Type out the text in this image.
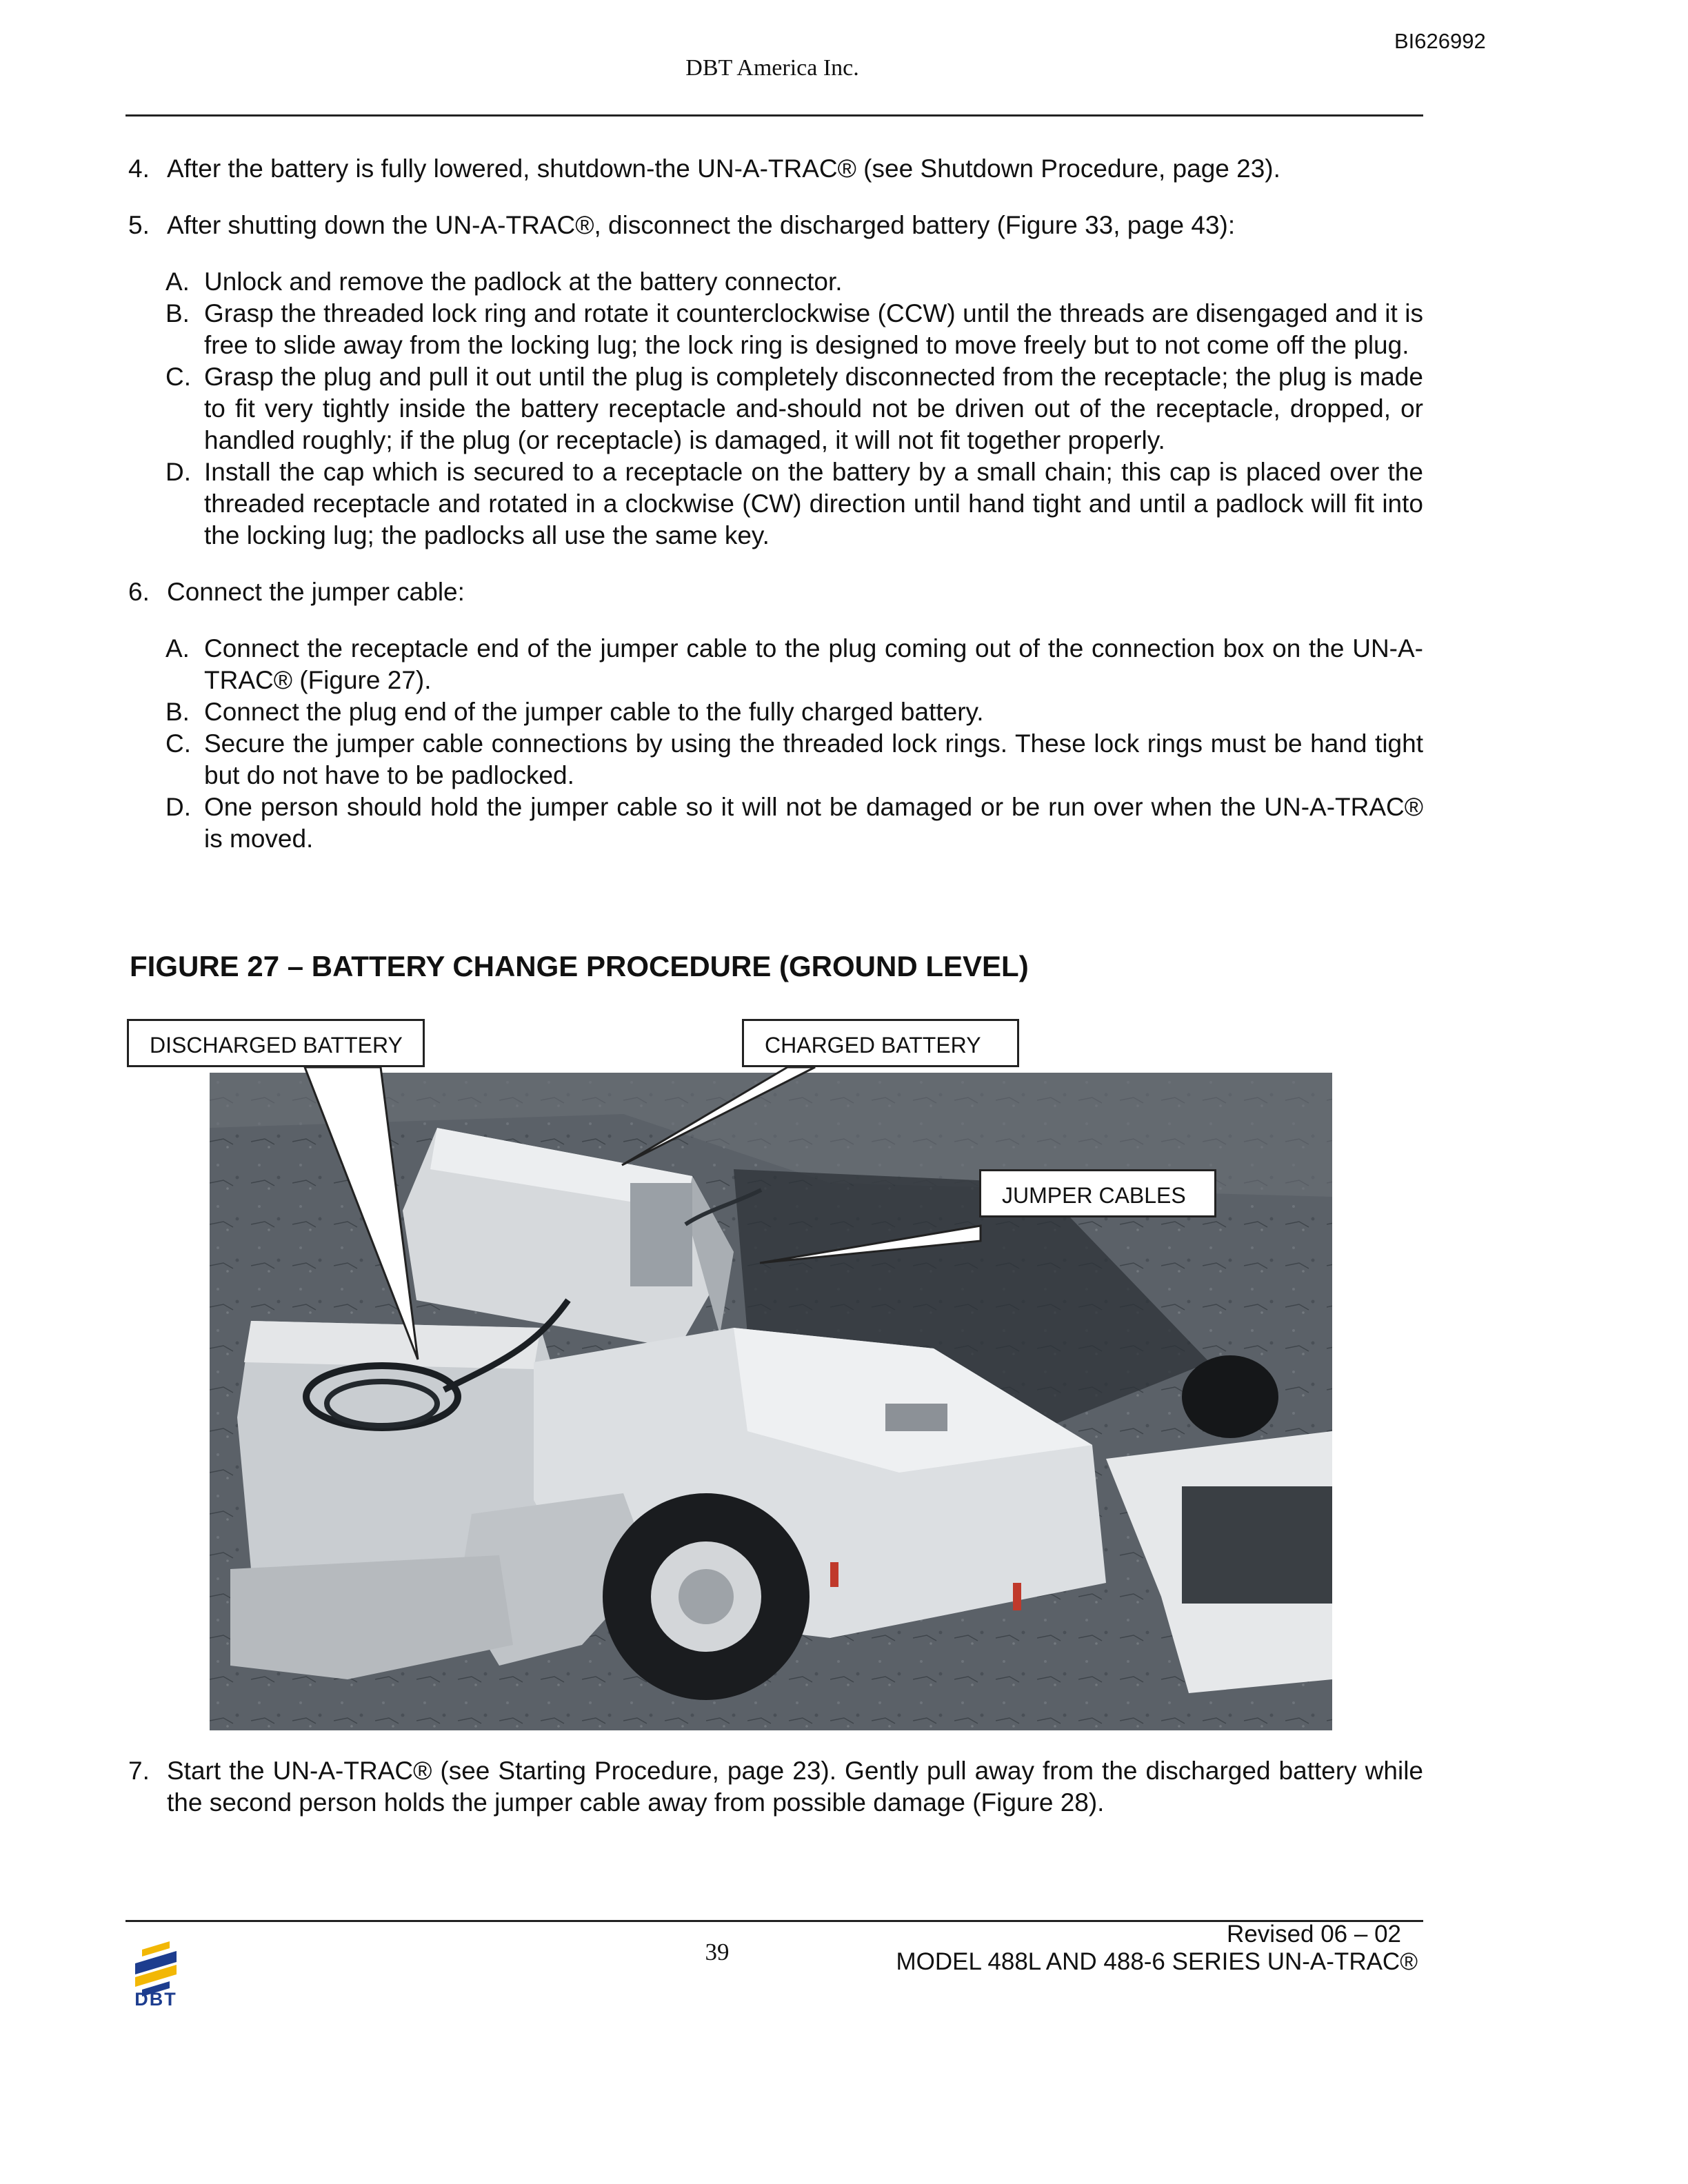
BI626992
DBT America Inc.
4. After the battery is fully lowered, shutdown-the UN-A-TRAC® (see Shutdown Procedure, page 23).
5. After shutting down the UN-A-TRAC®, disconnect the discharged battery (Figure 33, page 43):
A. Unlock and remove the padlock at the battery connector.
B. Grasp the threaded lock ring and rotate it counterclockwise (CCW) until the threads are disengaged and it is free to slide away from the locking lug; the lock ring is designed to move freely but to not come off the plug.
C. Grasp the plug and pull it out until the plug is completely disconnected from the receptacle; the plug is made to fit very tightly inside the battery receptacle and-should not be driven out of the receptacle, dropped, or handled roughly; if the plug (or receptacle) is damaged, it will not fit together properly.
D. Install the cap which is secured to a receptacle on the battery by a small chain; this cap is placed over the threaded receptacle and rotated in a clockwise (CW) direction until hand tight and until a padlock will fit into the locking lug; the padlocks all use the same key.
6. Connect the jumper cable:
A. Connect the receptacle end of the jumper cable to the plug coming out of the connection box on the UN-A-TRAC® (Figure 27).
B. Connect the plug end of the jumper cable to the fully charged battery.
C. Secure the jumper cable connections by using the threaded lock rings. These lock rings must be hand tight but do not have to be padlocked.
D. One person should hold the jumper cable so it will not be damaged or be run over when the UN-A-TRAC® is moved.
FIGURE 27 – BATTERY CHANGE PROCEDURE (GROUND LEVEL)
DISCHARGED BATTERY	CHARGED BATTERY
JUMPER CABLES
7. Start the UN-A-TRAC® (see Starting Procedure, page 23). Gently pull away from the discharged battery while the second person holds the jumper cable away from possible damage (Figure 28).
DBT
39
Revised 06 – 02
MODEL 488L AND 488-6 SERIES UN-A-TRAC®
